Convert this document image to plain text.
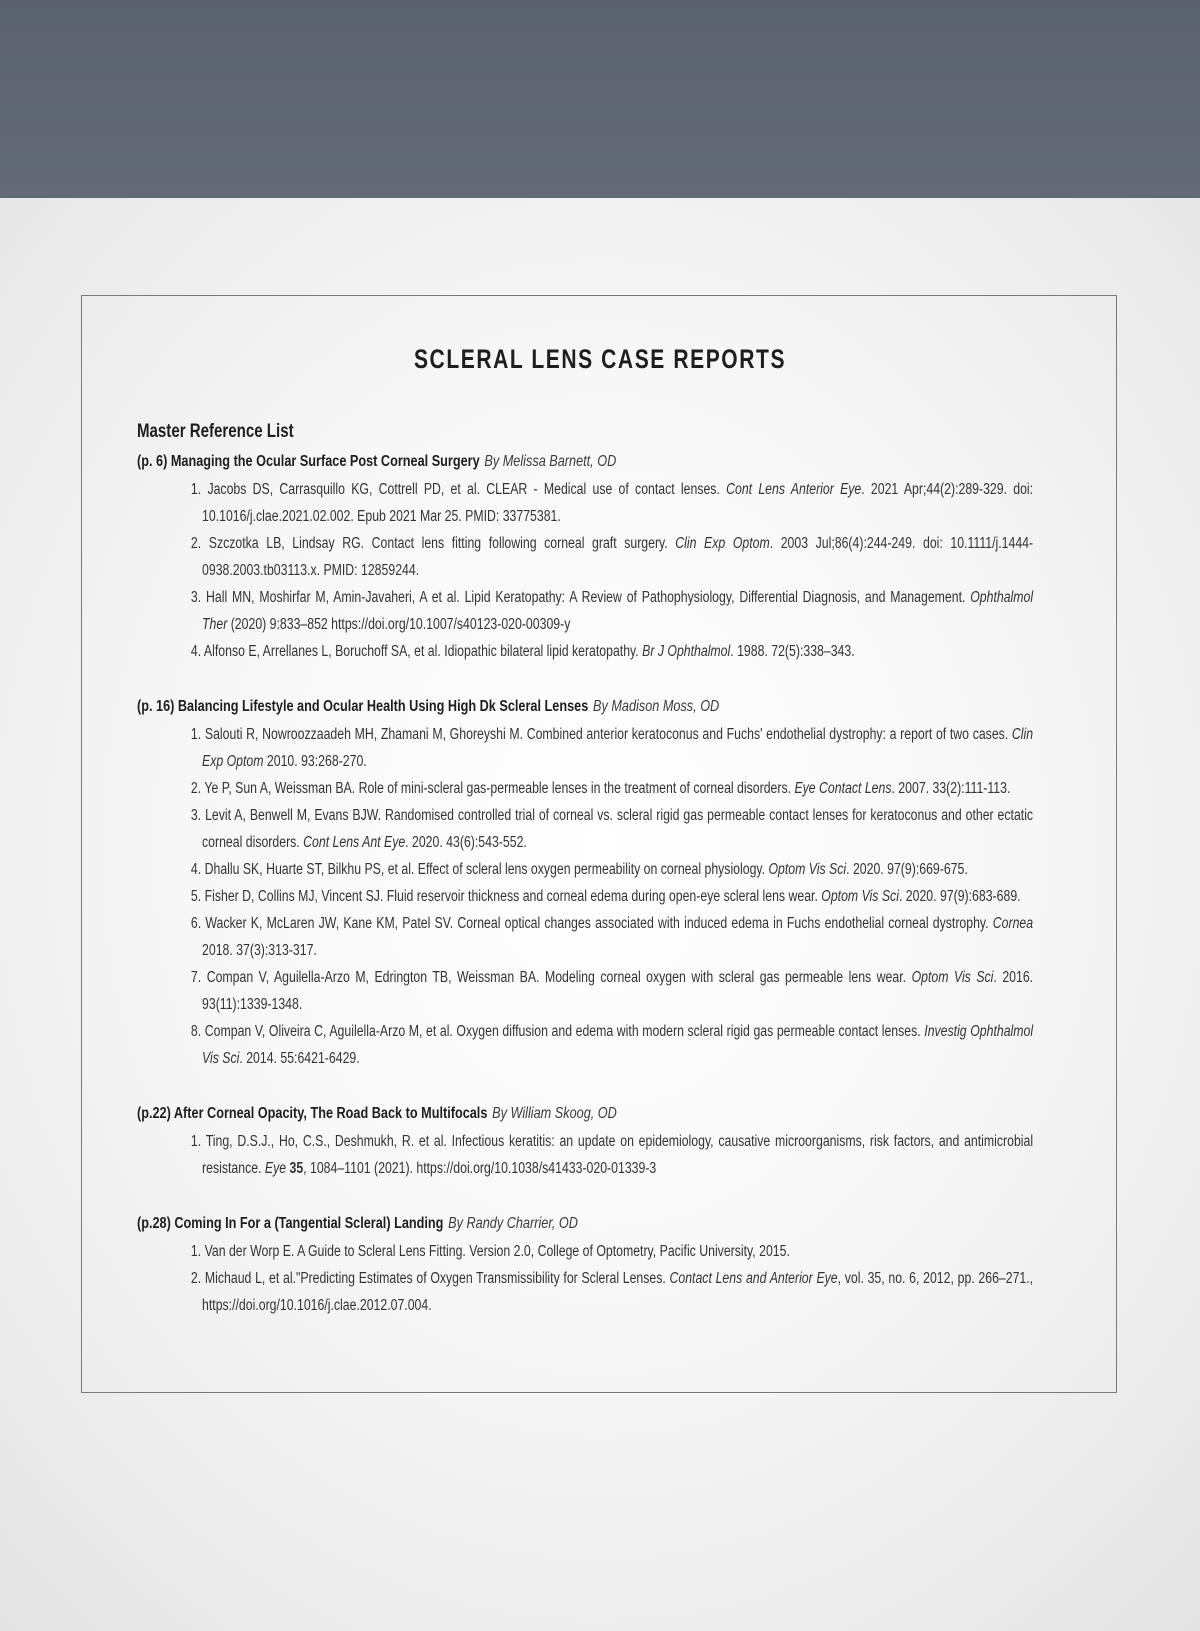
SCLERAL LENS CASE REPORTS
Master Reference List

(p. 6) Managing the Ocular Surface Post Corneal Surgery By Melissa Barnett, OD

1. Jacobs DS, Carrasquillo KG, Cottrell PD, et al. CLEAR - Medical use of contact lenses. Cont Lens Anterior Eye. 2021 Apr;44(2):289-329. doi: 10.1016/j.clae.2021.02.002. Epub 2021 Mar 25. PMID: 33775381.
2. Szczotka LB, Lindsay RG. Contact lens fitting following corneal graft surgery. Clin Exp Optom. 2003 Jul;86(4):244-249. doi: 10.1111/j.1444-0938.2003.tb03113.x. PMID: 12859244.
3. Hall MN, Moshirfar M, Amin-Javaheri, A et al. Lipid Keratopathy: A Review of Pathophysiology, Differential Diagnosis, and Management. Ophthalmol Ther (2020) 9:833–852 https://doi.org/10.1007/s40123-020-00309-y
4. Alfonso E, Arrellanes L, Boruchoff SA, et al. Idiopathic bilateral lipid keratopathy. Br J Ophthalmol. 1988. 72(5):338–343.

(p. 16) Balancing Lifestyle and Ocular Health Using High Dk Scleral Lenses By Madison Moss, OD

1. Salouti R, Nowroozzaadeh MH, Zhamani M, Ghoreyshi M. Combined anterior keratoconus and Fuchs' endothelial dystrophy: a report of two cases. Clin Exp Optom 2010. 93:268-270.
2. Ye P, Sun A, Weissman BA. Role of mini-scleral gas-permeable lenses in the treatment of corneal disorders. Eye Contact Lens. 2007. 33(2):111-113.
3. Levit A, Benwell M, Evans BJW. Randomised controlled trial of corneal vs. scleral rigid gas permeable contact lenses for keratoconus and other ectatic corneal disorders. Cont Lens Ant Eye. 2020. 43(6):543-552.
4. Dhallu SK, Huarte ST, Bilkhu PS, et al. Effect of scleral lens oxygen permeability on corneal physiology. Optom Vis Sci. 2020. 97(9):669-675.
5. Fisher D, Collins MJ, Vincent SJ. Fluid reservoir thickness and corneal edema during open-eye scleral lens wear. Optom Vis Sci. 2020. 97(9):683-689.
6. Wacker K, McLaren JW, Kane KM, Patel SV. Corneal optical changes associated with induced edema in Fuchs endothelial corneal dystrophy. Cornea 2018. 37(3):313-317.
7. Compan V, Aguilella-Arzo M, Edrington TB, Weissman BA. Modeling corneal oxygen with scleral gas permeable lens wear. Optom Vis Sci. 2016. 93(11):1339-1348.
8. Compan V, Oliveira C, Aguilella-Arzo M, et al. Oxygen diffusion and edema with modern scleral rigid gas permeable contact lenses. Investig Ophthalmol Vis Sci. 2014. 55:6421-6429.

(p.22) After Corneal Opacity, The Road Back to Multifocals By William Skoog, OD

1. Ting, D.S.J., Ho, C.S., Deshmukh, R. et al. Infectious keratitis: an update on epidemiology, causative microorganisms, risk factors, and antimicrobial resistance. Eye 35, 1084–1101 (2021). https://doi.org/10.1038/s41433-020-01339-3

(p.28) Coming In For a (Tangential Scleral) Landing By Randy Charrier, OD

1. Van der Worp E. A Guide to Scleral Lens Fitting. Version 2.0, College of Optometry, Pacific University, 2015.
2. Michaud L, et al."Predicting Estimates of Oxygen Transmissibility for Scleral Lenses. Contact Lens and Anterior Eye, vol. 35, no. 6, 2012, pp. 266–271., https://doi.org/10.1016/j.clae.2012.07.004.
